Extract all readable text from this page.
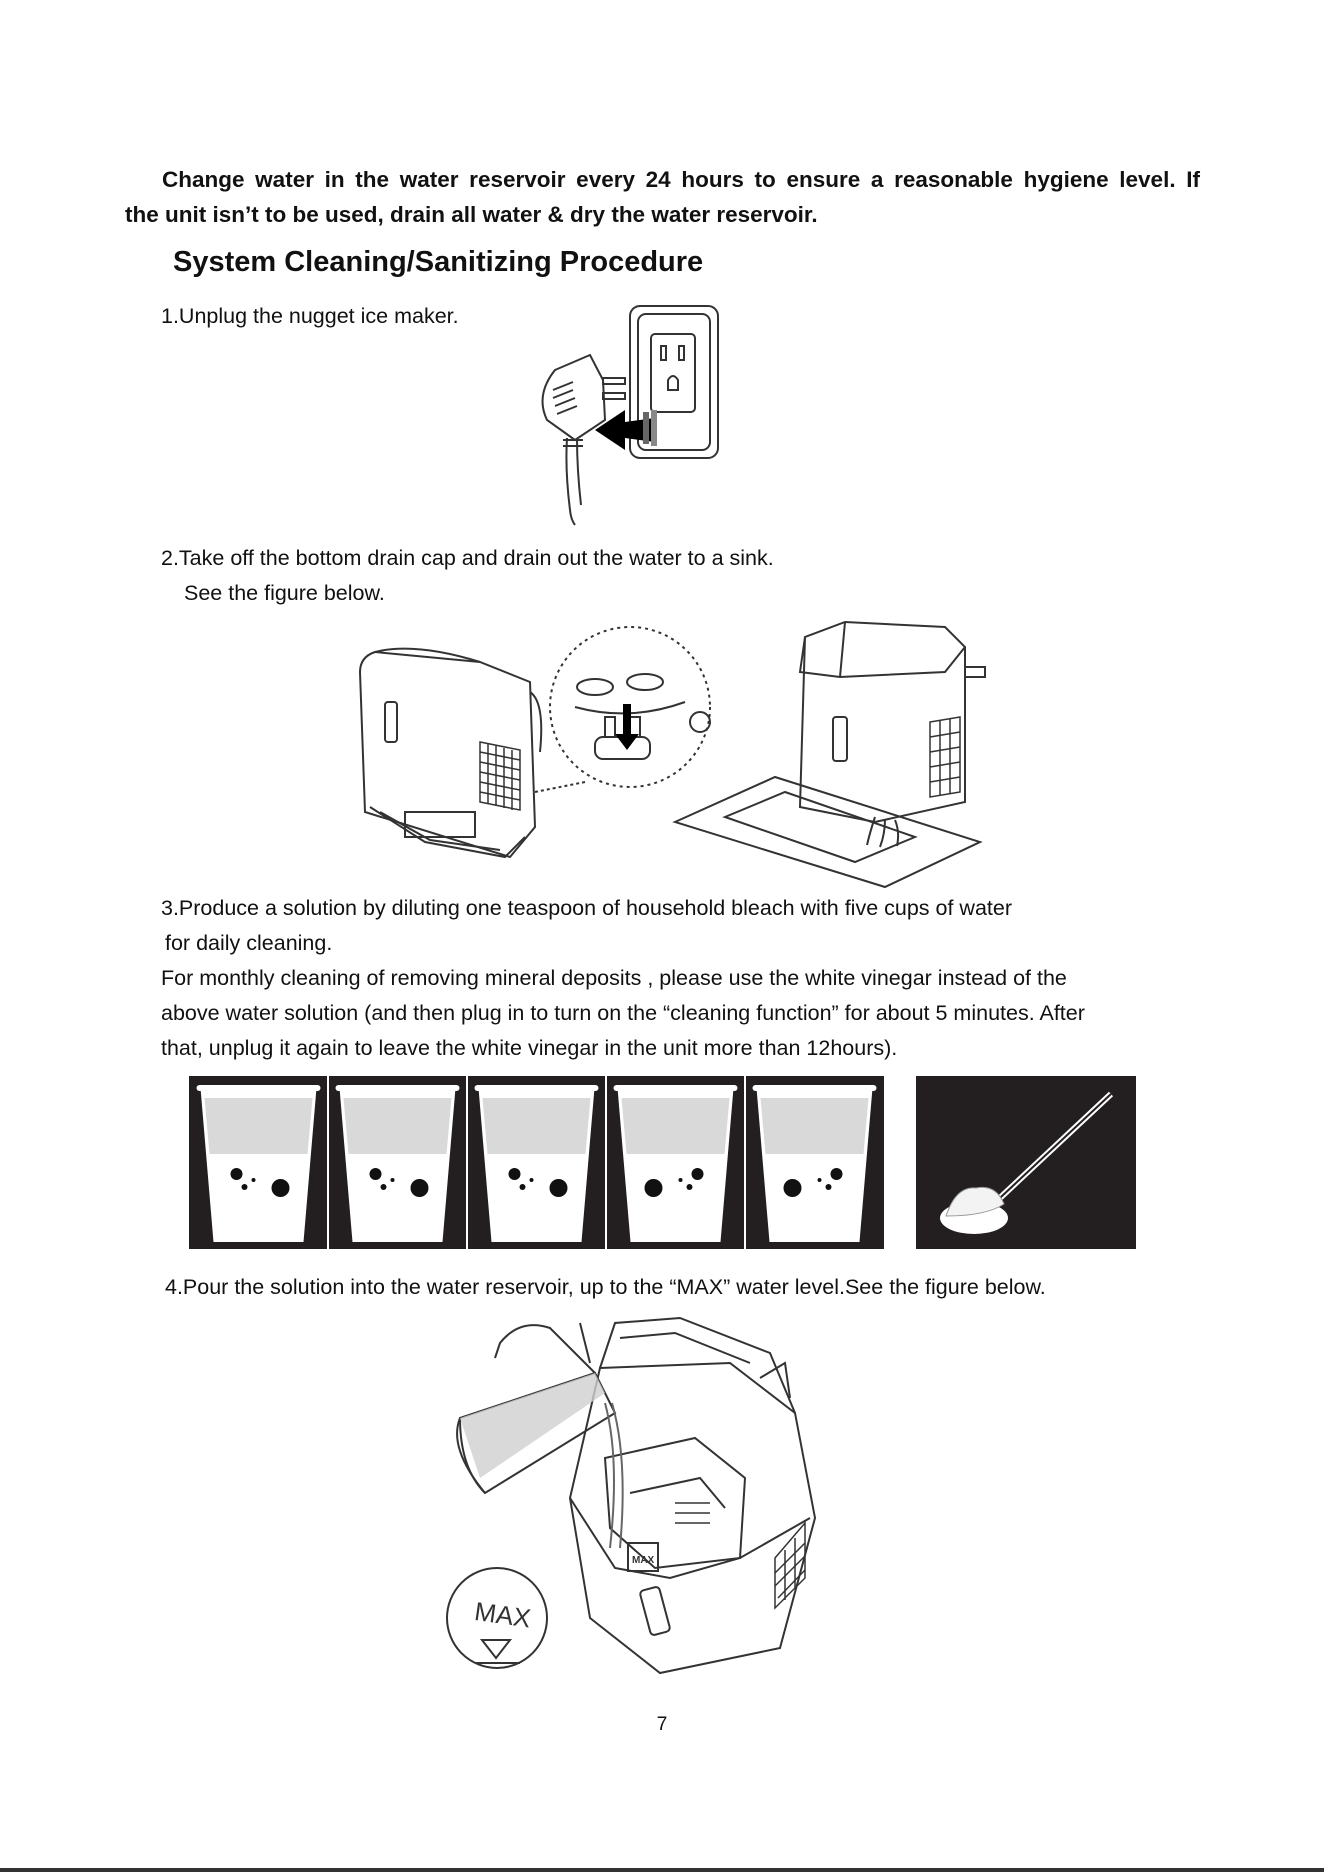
Change water in the water reservoir every 24 hours to ensure a reasonable hygiene level. If
the unit isn’t to be used, drain all water & dry the water reservoir.
System Cleaning/Sanitizing Procedure
1.Unplug the nugget ice maker.
2.Take off the bottom drain cap and drain out the water to a sink.
See the figure below.
3.Produce a solution by diluting one teaspoon of household bleach with five cups of water
for daily cleaning.
For monthly cleaning of removing mineral deposits , please use the white vinegar instead of the
above water solution (and then plug in to turn on the “cleaning function” for about 5 minutes. After
that, unplug it again to leave the white vinegar in the unit more than 12hours).
4.Pour the solution into the water reservoir, up to the “MAX” water level.See the figure below.
MAX
MAX
7
